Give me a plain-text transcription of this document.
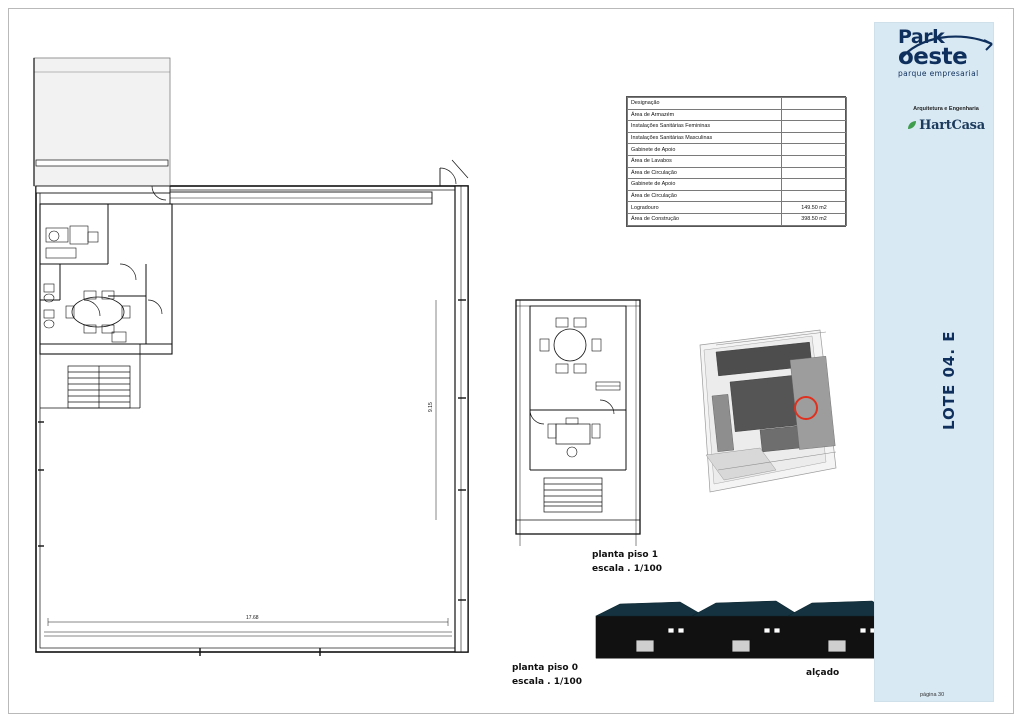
17.68
9.15
Designação	
Área de Armazém	
Instalações Sanitárias Femininas	
Instalações Sanitárias Masculinas	
Gabinete de Apoio	
Área de Lavabos	
Área de Circulação	
Gabinete de Apoio	
Área de Circulação	
Logradouro	149.50 m2
Área de Construção	398.50 m2
planta piso 1
escala . 1/100
planta piso 0
escala . 1/100
alçado
Park
oeste
parque empresarial
Arquitetura e Engenharia
HartCasa
LOTE 04. E
página 30
